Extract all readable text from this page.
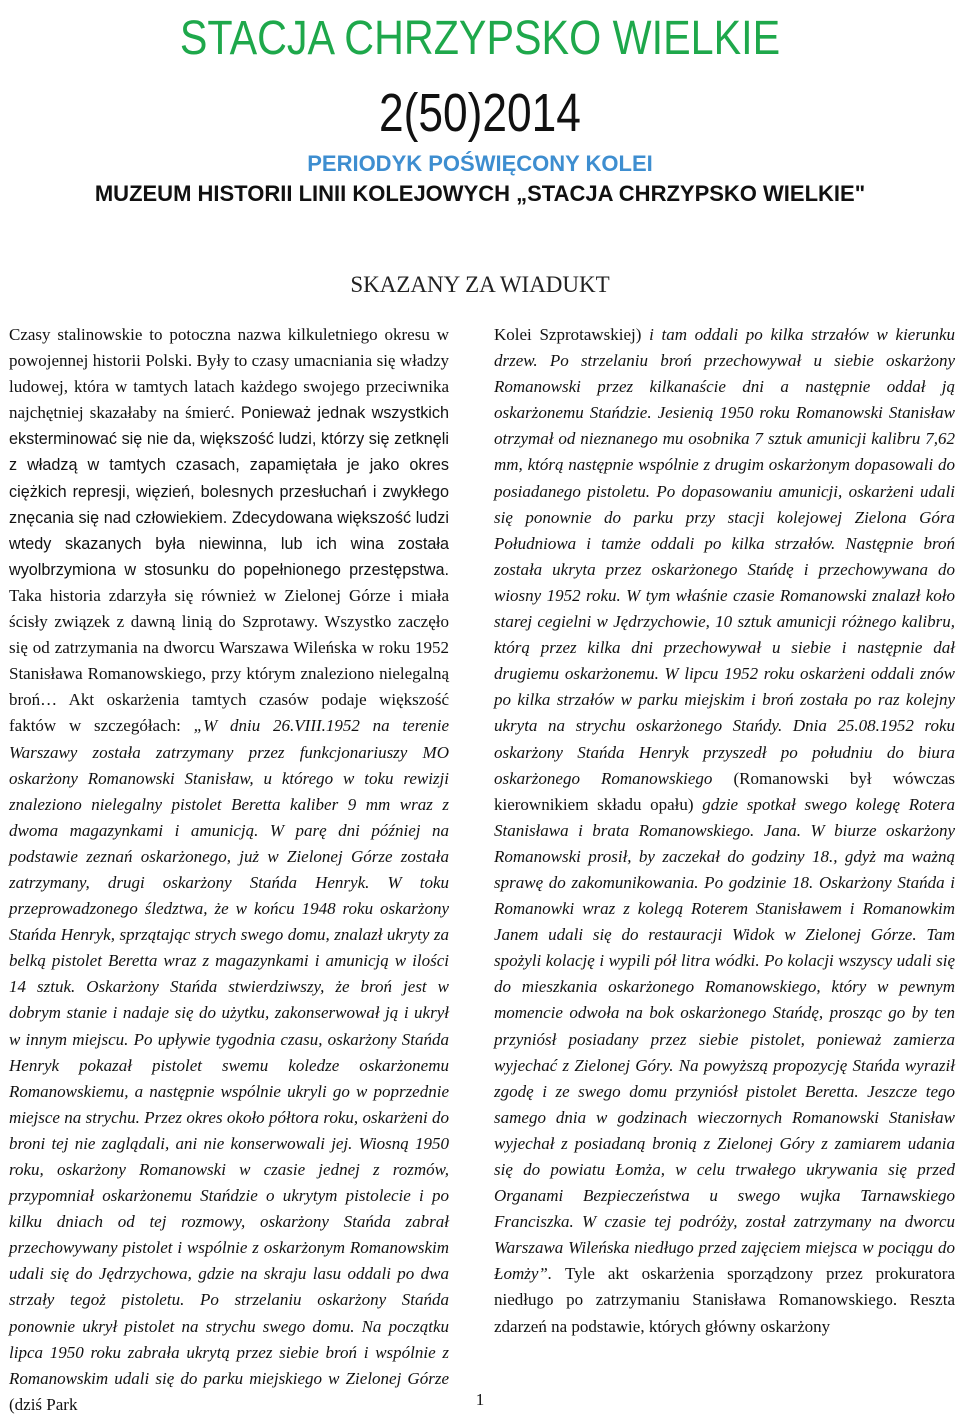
STACJA CHRZYPSKO WIELKIE
2(50)2014
PERIODYK POŚWIĘCONY KOLEI
MUZEUM HISTORII LINII KOLEJOWYCH „STACJA CHRZYPSKO WIELKIE"
SKAZANY ZA WIADUKT
Czasy stalinowskie to potoczna nazwa kilkuletniego okresu w powojennej historii Polski. Były to czasy umacniania się władzy ludowej, która w tamtych latach każdego swojego przeciwnika najchętniej skazałaby na śmierć. Ponieważ jednak wszystkich eksterminować się nie da, większość ludzi, którzy się zetknęli z władzą w tamtych czasach, zapamiętała je jako okres ciężkich represji, więzień, bolesnych przesłuchań i zwykłego znęcania się nad człowiekiem. Zdecydowana większość ludzi wtedy skazanych była niewinna, lub ich wina została wyolbrzymiona w stosunku do popełnionego przestępstwa. Taka historia zdarzyła się również w Zielonej Górze i miała ścisły związek z dawną linią do Szprotawy. Wszystko zaczęło się od zatrzymania na dworcu Warszawa Wileńska w roku 1952 Stanisława Romanowskiego, przy którym znaleziono nielegalną broń… Akt oskarżenia tamtych czasów podaje większość faktów w szczegółach: „W dniu 26.VIII.1952 na terenie Warszawy została zatrzymany przez funkcjonariuszy MO oskarżony Romanowski Stanisław, u którego w toku rewizji znaleziono nielegalny pistolet Beretta kaliber 9 mm wraz z dwoma magazynkami i amunicją. W parę dni później na podstawie zeznań oskarżonego, już w Zielonej Górze została zatrzymany, drugi oskarżony Stańda Henryk. W toku przeprowadzonego śledztwa, że w końcu 1948 roku oskarżony Stańda Henryk, sprzątając strych swego domu, znalazł ukryty za belką pistolet Beretta wraz z magazynkami i amunicją w ilości 14 sztuk. Oskarżony Stańda stwierdziwszy, że broń jest w dobrym stanie i nadaje się do użytku, zakonserwował ją i ukrył w innym miejscu. Po upływie tygodnia czasu, oskarżony Stańda Henryk pokazał pistolet swemu koledze oskarżonemu Romanowskiemu, a następnie wspólnie ukryli go w poprzednie miejsce na strychu. Przez okres około półtora roku, oskarżeni do broni tej nie zaglądali, ani nie konserwowali jej. Wiosną 1950 roku, oskarżony Romanowski w czasie jednej z rozmów, przypomniał oskarżonemu Stańdzie o ukrytym pistolecie i po kilku dniach od tej rozmowy, oskarżony Stańda zabrał przechowywany pistolet i wspólnie z oskarżonym Romanowskim udali się do Jędrzychowa, gdzie na skraju lasu oddali po dwa strzały tegoż pistoletu. Po strzelaniu oskarżony Stańda ponownie ukrył pistolet na strychu swego domu. Na początku lipca 1950 roku zabrała ukrytą przez siebie broń i wspólnie z Romanowskim udali się do parku miejskiego w Zielonej Górze (dziś Park
Kolei Szprotawskiej) i tam oddali po kilka strzałów w kierunku drzew. Po strzelaniu broń przechowywał u siebie oskarżony Romanowski przez kilkanaście dni a następnie oddał ją oskarżonemu Stańdzie. Jesienią 1950 roku Romanowski Stanisław otrzymał od nieznanego mu osobnika 7 sztuk amunicji kalibru 7,62 mm, którą następnie wspólnie z drugim oskarżonym dopasowali do posiadanego pistoletu. Po dopasowaniu amunicji, oskarżeni udali się ponownie do parku przy stacji kolejowej Zielona Góra Południowa i tamże oddali po kilka strzałów. Następnie broń została ukryta przez oskarżonego Stańdę i przechowywana do wiosny 1952 roku. W tym właśnie czasie Romanowski znalazł koło starej cegielni w Jędrzychowie, 10 sztuk amunicji różnego kalibru, którą przez kilka dni przechowywał u siebie i następnie dał drugiemu oskarżonemu. W lipcu 1952 roku oskarżeni oddali znów po kilka strzałów w parku miejskim i broń została po raz kolejny ukryta na strychu oskarżonego Stańdy. Dnia 25.08.1952 roku oskarżony Stańda Henryk przyszedł po południu do biura oskarżonego Romanowskiego (Romanowski był wówczas kierownikiem składu opału) gdzie spotkał swego kolegę Rotera Stanisława i brata Romanowskiego. Jana. W biurze oskarżony Romanowski prosił, by zaczekał do godziny 18., gdyż ma ważną sprawę do zakomunikowania. Po godzinie 18. Oskarżony Stańda i Romanowki wraz z kolegą Roterem Stanisławem i Romanowkim Janem udali się do restauracji Widok w Zielonej Górze. Tam spożyli kolację i wypili pół litra wódki. Po kolacji wszyscy udali się do mieszkania oskarżonego Romanowskiego, który w pewnym momencie odwoła na bok oskarżonego Stańdę, prosząc go by ten przyniósł posiadany przez siebie pistolet, ponieważ zamierza wyjechać z Zielonej Góry. Na powyższą propozycję Stańda wyraził zgodę i ze swego domu przyniósł pistolet Beretta. Jeszcze tego samego dnia w godzinach wieczornych Romanowski Stanisław wyjechał z posiadaną bronią z Zielonej Góry z zamiarem udania się do powiatu Łomża, w celu trwałego ukrywania się przed Organami Bezpieczeństwa u swego wujka Tarnawskiego Franciszka. W czasie tej podróży, został zatrzymany na dworcu Warszawa Wileńska niedługo przed zajęciem miejsca w pociągu do Łomży”. Tyle akt oskarżenia sporządzony przez prokuratora niedługo po zatrzymaniu Stanisława Romanowskiego. Reszta zdarzeń na podstawie, których główny oskarżony
1
